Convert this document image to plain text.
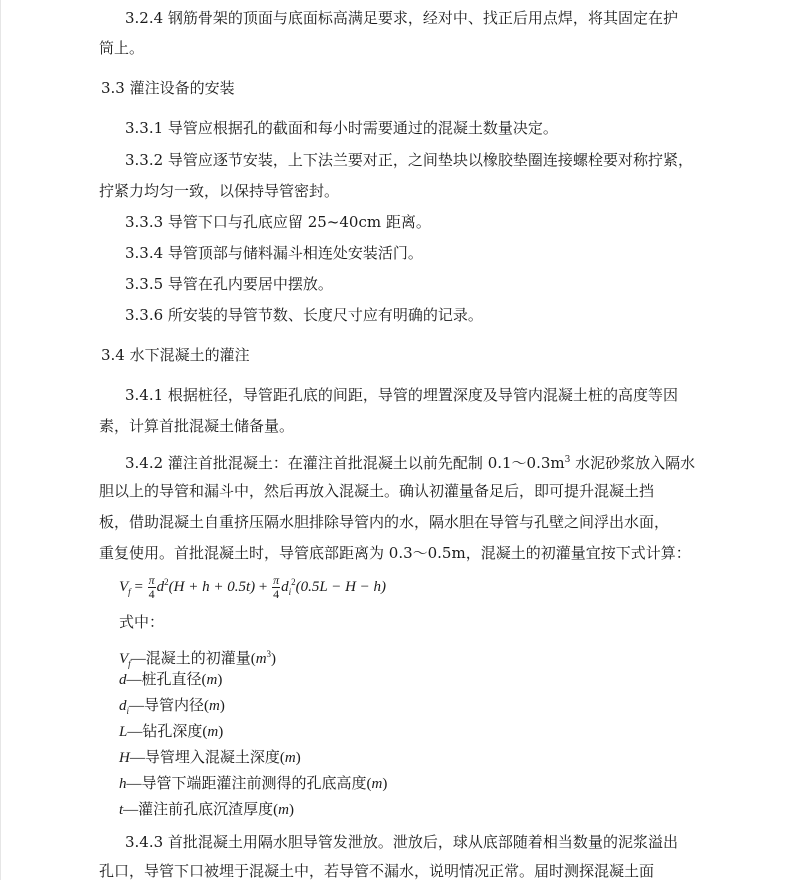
3.2.4 钢筋骨架的顶面与底面标高满足要求，经对中、找正后用点焊，将其固定在护
筒上。
3.3 灌注设备的安装
3.3.1 导管应根据孔的截面和每小时需要通过的混凝土数量决定。
3.3.2 导管应逐节安装，上下法兰要对正，之间垫块以橡胶垫圈连接螺栓要对称拧紧，
拧紧力均匀一致，以保持导管密封。
3.3.3 导管下口与孔底应留 25~40cm 距离。
3.3.4 导管顶部与储料漏斗相连处安装活门。
3.3.5 导管在孔内要居中摆放。
3.3.6 所安装的导管节数、长度尺寸应有明确的记录。
3.4 水下混凝土的灌注
3.4.1 根据桩径，导管距孔底的间距，导管的埋置深度及导管内混凝土桩的高度等因
素，计算首批混凝土储备量。
3.4.2 灌注首批混凝土：在灌注首批混凝土以前先配制 $0.1\sim 0.3m^3$ 水泥砂浆放入隔水
胆以上的导管和漏斗中，然后再放入混凝土。确认初灌量备足后，即可提升混凝土挡
板，借助混凝土自重挤压隔水胆排除导管内的水，隔水胆在导管与孔壁之间浮出水面，
重复使用。首批混凝土时，导管底部距离为 0.3～0.5m，混凝土的初灌量宜按下式计算：
$V_f = \frac{\pi}{4} d^2(H + h + 0.5t) + \frac{\pi}{4} d_i^2(0.5L - H - h)$
式中：
$V_f—$混凝土的初灌量$(m^3)$
d—桩孔直径(m)
$d_i—$导管内径(m)
L—钻孔深度(m)
H—导管埋入混凝土深度(m)
h—导管下端距灌注前测得的孔底高度(m)
t—灌注前孔底沉渣厚度(m)
3.4.3 首批混凝土用隔水胆导管发泄放。泄放后，球从底部随着相当数量的泥浆溢出
孔口，导管下口被埋于混凝土中，若导管不漏水，说明情况正常。届时测探混凝土面
